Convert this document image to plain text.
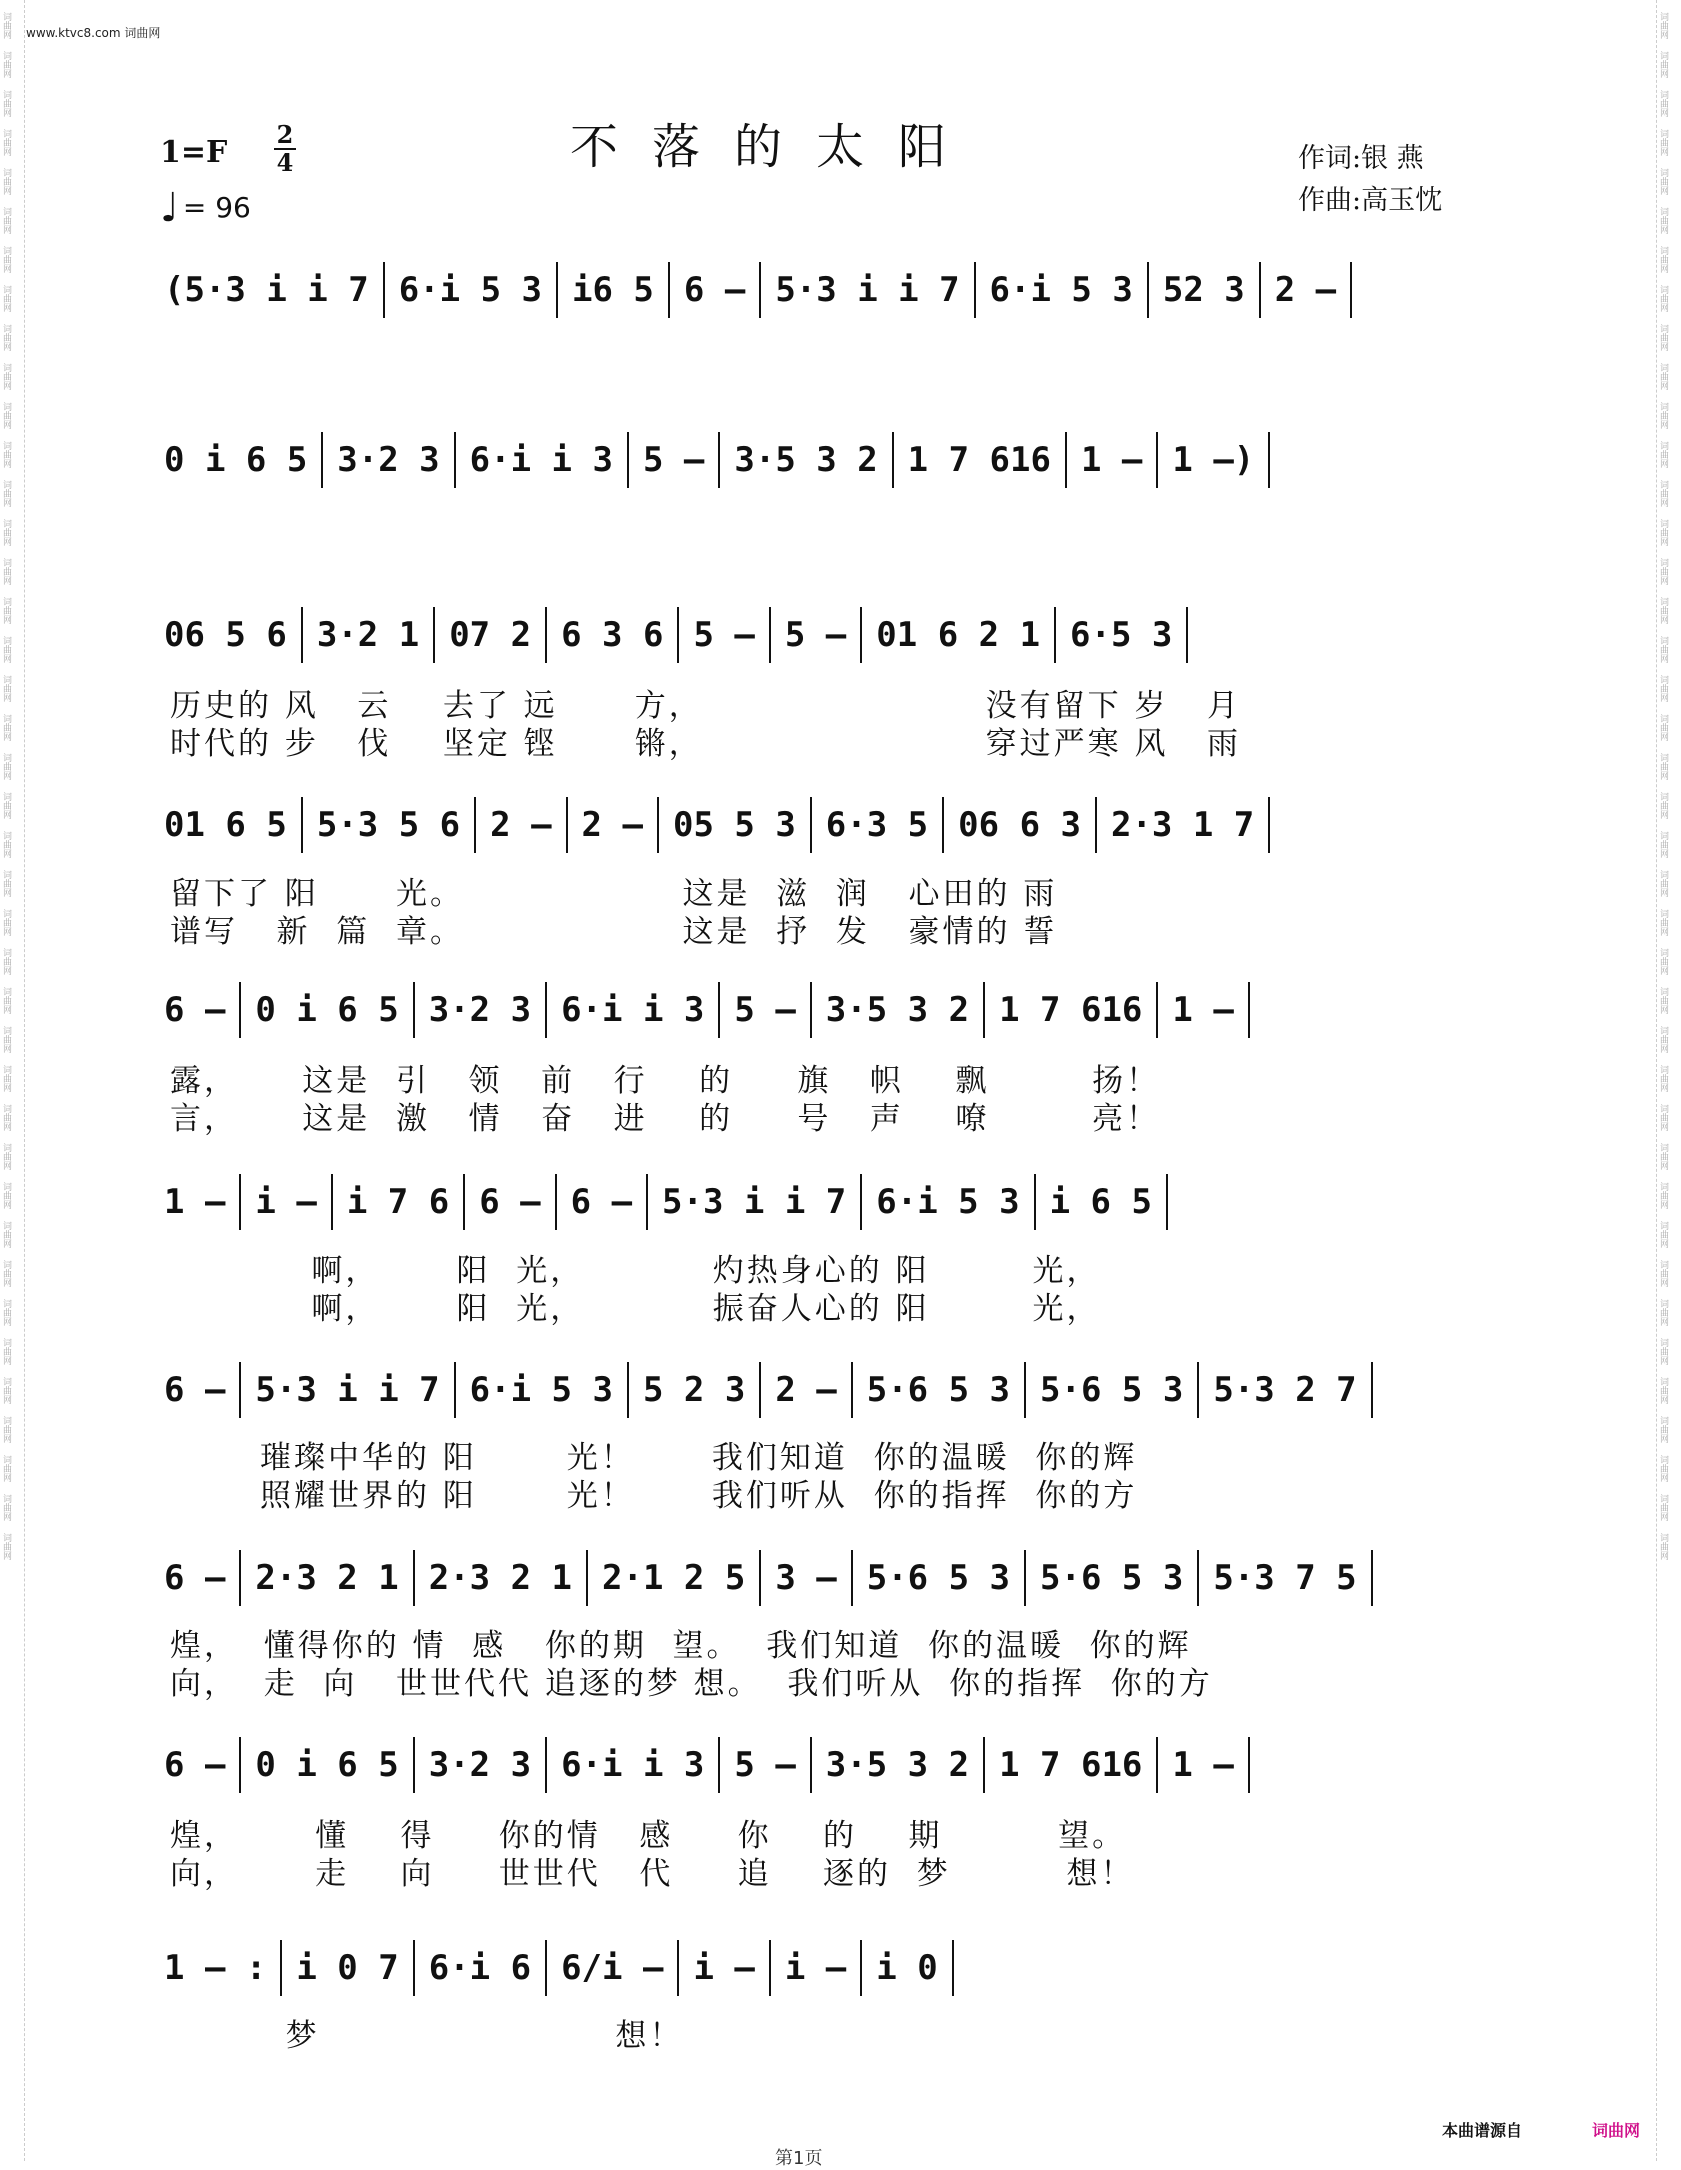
词曲网
词曲网
词曲网
词曲网
词曲网
词曲网
词曲网
词曲网
词曲网
词曲网
词曲网
词曲网
词曲网
词曲网
词曲网
词曲网
词曲网
词曲网
词曲网
词曲网
词曲网
词曲网
词曲网
词曲网
词曲网
词曲网
词曲网
词曲网
词曲网
词曲网
词曲网
词曲网
词曲网
词曲网
词曲网
词曲网
词曲网
词曲网
词曲网
词曲网
词曲网
词曲网
词曲网
词曲网
词曲网
词曲网
词曲网
词曲网
词曲网
词曲网
词曲网
词曲网
词曲网
词曲网
词曲网
词曲网
词曲网
词曲网
词曲网
词曲网
词曲网
词曲网
词曲网
词曲网
词曲网
词曲网
词曲网
词曲网
词曲网
词曲网
词曲网
词曲网
词曲网
词曲网
词曲网
词曲网
词曲网
词曲网
词曲网
词曲网
www.ktvc8.com 词曲网
不落的太阳
1=F
2
4
♩ = 96
作词:银 燕
作曲:高玉忱
(5·3 i i 7 6·i 5 3 i6 5 6 – 5·3 i i 7 6·i 5 3 52 3 2 –
0 i 6 5 3·2 3 6·i i 3 5 – 3·5 3 2 1 7 616 1 – 1 –)
06 5 6 3·2 1 07 2 6 3 6 5 – 5 – 01 6 2 1 6·5 3
历史的 风   云    去了 远      方，                      没有留下 岁   月
时代的 步   伐    坚定 铿      锵，                      穿过严寒 风   雨
01 6 5 5·3 5 6 2 – 2 – 05 5 3 6·3 5 06 6 3 2·3 1 7
留下了 阳      光。                 这是  滋  润   心田的 雨
谱写   新  篇  章。                 这是  抒  发   豪情的 誓
6 – 0 i 6 5 3·2 3 6·i i 3 5 – 3·5 3 2 1 7 616 1 –
露，     这是  引   领   前   行    的     旗   帜    飘        扬！
言，     这是  激   情   奋   进    的     号   声    嘹        亮！
1 – i – i 7 6 6 – 6 – 5·3 i i 7 6·i 5 3 i 6 5
啊，      阳  光，          灼热身心的 阳        光，
啊，      阳  光，          振奋人心的 阳        光，
6 – 5·3 i i 7 6·i 5 3 5 2 3 2 – 5·6 5 3 5·6 5 3 5·3 2 7
璀璨中华的 阳       光！      我们知道  你的温暖  你的辉
照耀世界的 阳       光！      我们听从  你的指挥  你的方
6 – 2·3 2 1 2·3 2 1 2·1 2 5 3 – 5·6 5 3 5·6 5 3 5·3 7 5
煌，  懂得你的 情  感   你的期  望。  我们知道  你的温暖  你的辉
向，  走  向   世世代代 追逐的梦 想。  我们听从  你的指挥  你的方
6 – 0 i 6 5 3·2 3 6·i i 3 5 – 3·5 3 2 1 7 616 1 –
煌，      懂    得     你的情   感     你    的    期         望。
向，      走    向     世世代   代     追    逐的  梦         想！
1 – : i 0 7 6·i 6 6/i – i – i – i 0
梦                       想！
本曲谱源自	词曲网
第1页
